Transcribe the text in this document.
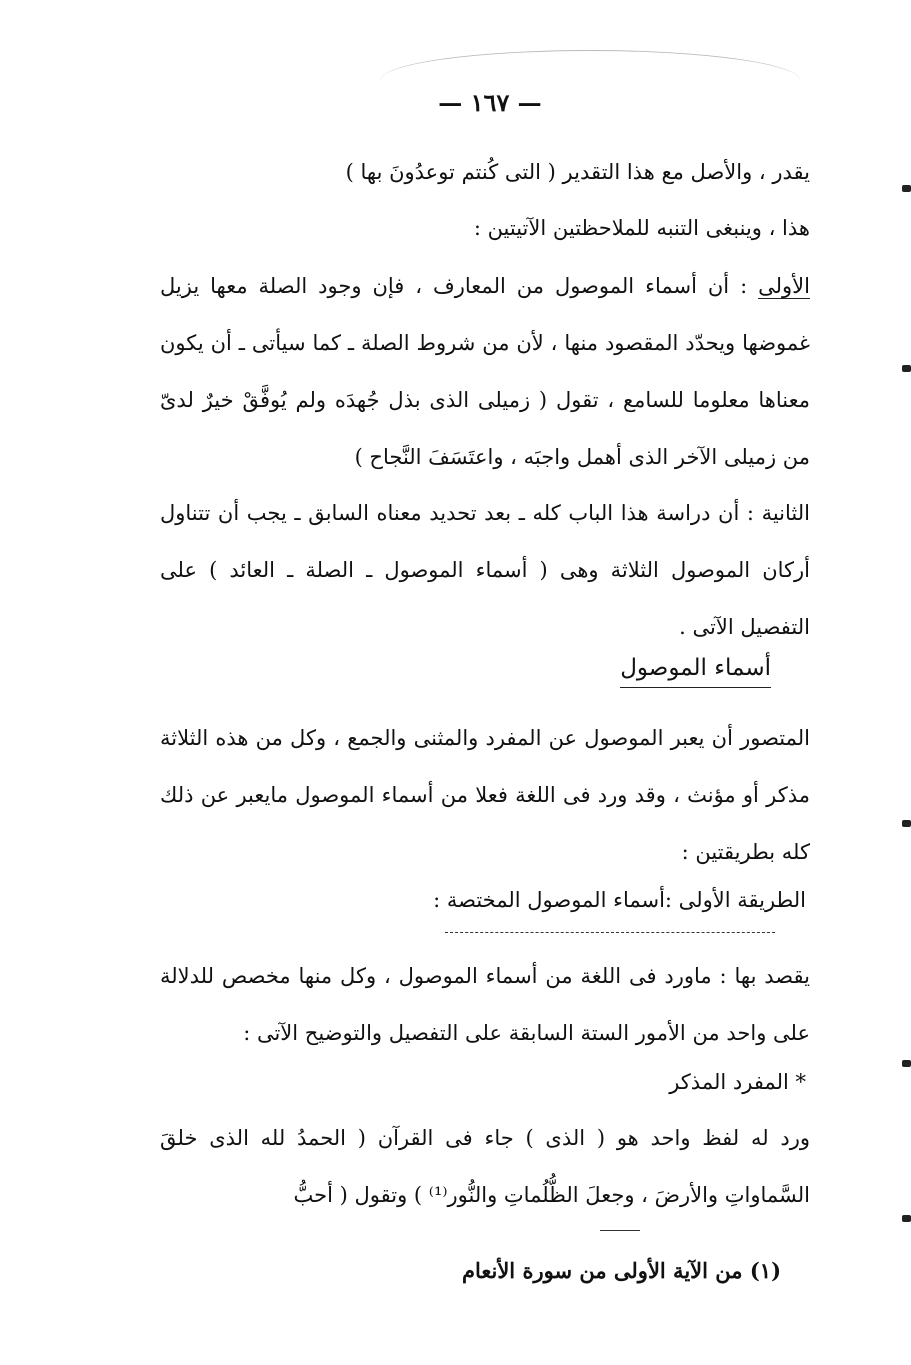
— ١٦٧ —
يقدر ، والأصل مع هذا التقدير ( التى كُنتم توعدُونَ بها )
هذا ، وينبغى التنبه للملاحظتين الآتيتين :
الأولى : أن أسماء الموصول من المعارف ، فإن وجود الصلة معها يزيل غموضها ويحدّد المقصود منها ، لأن من شروط الصلة ـ كما سيأتى ـ أن يكون معناها معلوما للسامع ، تقول ( زميلى الذى بذل جُهدَه ولم يُوفَّقْ خيرٌ لدىّ من زميلى الآخر الذى أهمل واجبَه ، واعتَسَفَ النَّجاح )
الثانية : أن دراسة هذا الباب كله ـ بعد تحديد معناه السابق ـ يجب أن تتناول أركان الموصول الثلاثة وهى ( أسماء الموصول ـ الصلة ـ العائد ) على التفصيل الآتى .
أسماء الموصول
المتصور أن يعبر الموصول عن المفرد والمثنى والجمع ، وكل من هذه الثلاثة مذكر أو مؤنث ، وقد ورد فى اللغة فعلا من أسماء الموصول مايعبر عن ذلك كله بطريقتين :
الطريقة الأولى :أسماء الموصول المختصة :
يقصد بها : ماورد فى اللغة من أسماء الموصول ، وكل منها مخصص للدلالة على واحد من الأمور الستة السابقة على التفصيل والتوضيح الآتى :
* المفرد المذكر
ورد له لفظ واحد هو ( الذى ) جاء فى القرآن ( الحمدُ لله الذى خلقَ السَّماواتِ والأرضَ ، وجعلَ الظُّلُماتِ والنُّور⁽¹⁾ ) وتقول ( أحبُّ
(١) من الآية الأولى من سورة الأنعام
